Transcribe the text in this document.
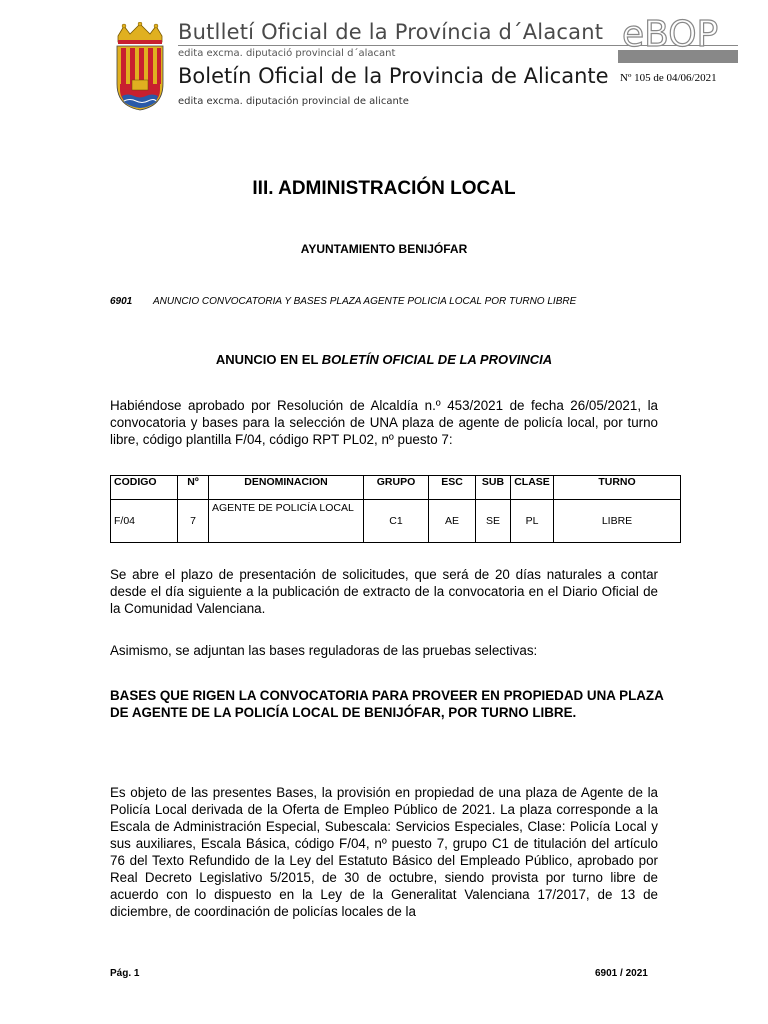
Butlletí Oficial de la Província d´Alacant
edita excma. diputació provincial d´alacant
Boletín Oficial de la Provincia de Alicante
edita excma. diputación provincial de alicante
eBOP
Nº 105 de 04/06/2021
III. ADMINISTRACIÓN LOCAL
AYUNTAMIENTO BENIJÓFAR
6901 ANUNCIO CONVOCATORIA Y BASES PLAZA AGENTE POLICIA LOCAL POR TURNO LIBRE
ANUNCIO EN EL BOLETÍN OFICIAL DE LA PROVINCIA
Habiéndose aprobado por Resolución de Alcaldía n.º 453/2021 de fecha 26/05/2021, la convocatoria y bases para la selección de UNA plaza de agente de policía local, por turno libre, código plantilla F/04, código RPT PL02, nº puesto 7:
CODIGO	Nº	DENOMINACION	GRUPO	ESC	SUB	CLASE	TURNO
F/04	7	AGENTE DE POLICÍA LOCAL	C1	AE	SE	PL	LIBRE
Se abre el plazo de presentación de solicitudes, que será de 20 días naturales a contar desde el día siguiente a la publicación de extracto de la convocatoria en el Diario Oficial de la Comunidad Valenciana.
Asimismo, se adjuntan las bases reguladoras de las pruebas selectivas:
BASES QUE RIGEN LA CONVOCATORIA PARA PROVEER EN PROPIEDAD UNA PLAZA DE AGENTE DE LA POLICÍA LOCAL DE BENIJÓFAR, POR TURNO LIBRE.
Es objeto de las presentes Bases, la provisión en propiedad de una plaza de Agente de la Policía Local derivada de la Oferta de Empleo Público de 2021. La plaza corresponde a la Escala de Administración Especial, Subescala: Servicios Especiales, Clase: Policía Local y sus auxiliares, Escala Básica, código F/04, nº puesto 7, grupo C1 de titulación del artículo 76 del Texto Refundido de la Ley del Estatuto Básico del Empleado Público, aprobado por Real Decreto Legislativo 5/2015, de 30 de octubre, siendo provista por turno libre de acuerdo con lo dispuesto en la Ley de la Generalitat Valenciana 17/2017, de 13 de diciembre, de coordinación de policías locales de la
Pág. 1	6901 / 2021
